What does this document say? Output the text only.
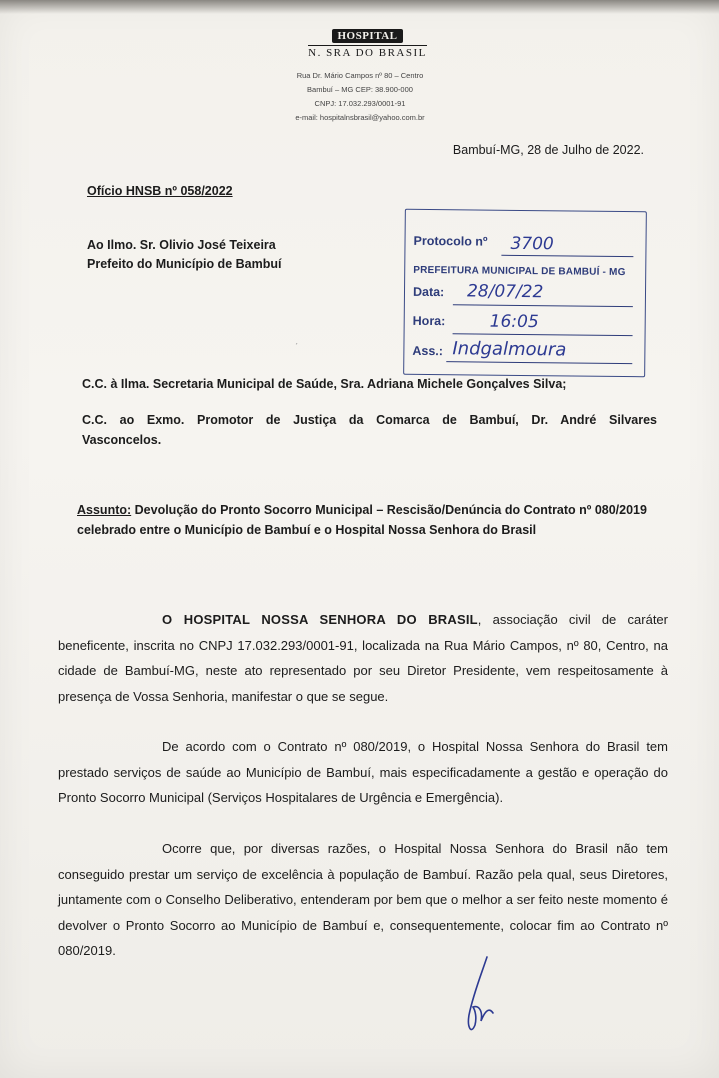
HOSPITAL
N. SRA DO BRASIL
Rua Dr. Mário Campos nº 80 – Centro
Bambuí – MG CEP: 38.900-000
CNPJ: 17.032.293/0001-91
e-mail: hospitalnsbrasil@yahoo.com.br
Bambuí-MG, 28 de Julho de 2022.
Ofício HNSB nº 058/2022
Ao Ilmo. Sr. Olivio José Teixeira
Prefeito do Município de Bambuí
Protocolo nº 3700
PREFEITURA MUNICIPAL DE BAMBUÍ - MG
Data: 28/07/22
Hora:	16:05
Ass.: Indgalmoura
ˊ
C.C. à Ilma. Secretaria Municipal de Saúde, Sra. Adriana Michele Gonçalves Silva;
C.C. ao Exmo. Promotor de Justiça da Comarca de Bambuí, Dr. André Silvares
Vasconcelos.
Assunto: Devolução do Pronto Socorro Municipal – Rescisão/Denúncia do Contrato nº 080/2019 celebrado entre o Município de Bambuí e o Hospital Nossa Senhora do Brasil
O HOSPITAL NOSSA SENHORA DO BRASIL, associação civil de caráter beneficente, inscrita no CNPJ 17.032.293/0001-91, localizada na Rua Mário Campos, nº 80, Centro, na cidade de Bambuí-MG, neste ato representado por seu Diretor Presidente, vem respeitosamente à presença de Vossa Senhoria, manifestar o que se segue.
De acordo com o Contrato nº 080/2019, o Hospital Nossa Senhora do Brasil tem prestado serviços de saúde ao Município de Bambuí, mais especificadamente a gestão e operação do Pronto Socorro Municipal (Serviços Hospitalares de Urgência e Emergência).
Ocorre que, por diversas razões, o Hospital Nossa Senhora do Brasil não tem conseguido prestar um serviço de excelência à população de Bambuí. Razão pela qual, seus Diretores, juntamente com o Conselho Deliberativo, entenderam por bem que o melhor a ser feito neste momento é devolver o Pronto Socorro ao Município de Bambuí e, consequentemente, colocar fim ao Contrato nº 080/2019.
